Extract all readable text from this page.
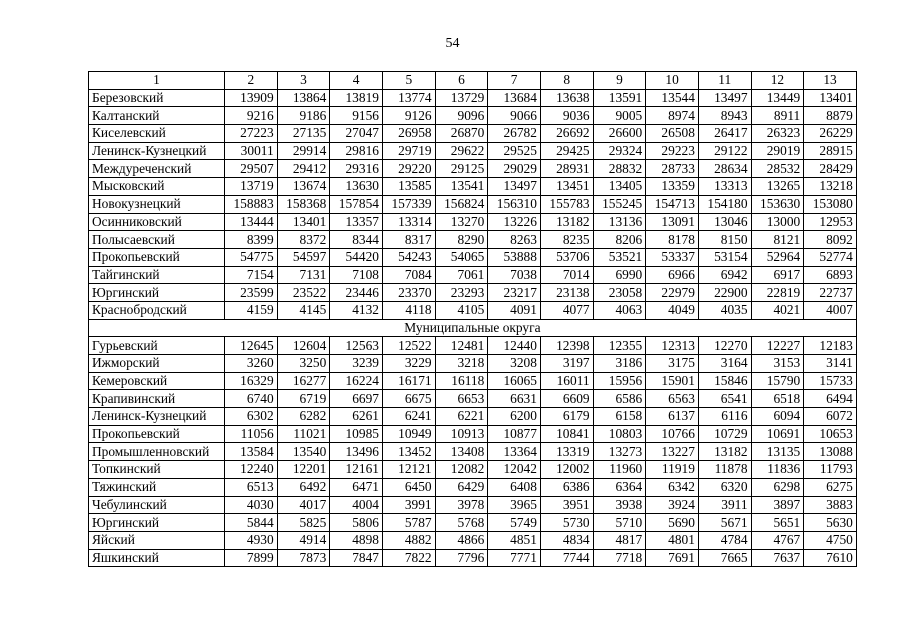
54
1	2	3	4	5	6	7	8	9	10	11	12	13
Березовский	13909	13864	13819	13774	13729	13684	13638	13591	13544	13497	13449	13401
Калтанский	9216	9186	9156	9126	9096	9066	9036	9005	8974	8943	8911	8879
Киселевский	27223	27135	27047	26958	26870	26782	26692	26600	26508	26417	26323	26229
Ленинск-Кузнецкий	30011	29914	29816	29719	29622	29525	29425	29324	29223	29122	29019	28915
Междуреченский	29507	29412	29316	29220	29125	29029	28931	28832	28733	28634	28532	28429
Мысковский	13719	13674	13630	13585	13541	13497	13451	13405	13359	13313	13265	13218
Новокузнецкий	158883	158368	157854	157339	156824	156310	155783	155245	154713	154180	153630	153080
Осинниковский	13444	13401	13357	13314	13270	13226	13182	13136	13091	13046	13000	12953
Полысаевский	8399	8372	8344	8317	8290	8263	8235	8206	8178	8150	8121	8092
Прокопьевский	54775	54597	54420	54243	54065	53888	53706	53521	53337	53154	52964	52774
Тайгинский	7154	7131	7108	7084	7061	7038	7014	6990	6966	6942	6917	6893
Юргинский	23599	23522	23446	23370	23293	23217	23138	23058	22979	22900	22819	22737
Краснобродский	4159	4145	4132	4118	4105	4091	4077	4063	4049	4035	4021	4007
Муниципальные округа												
Гурьевский	12645	12604	12563	12522	12481	12440	12398	12355	12313	12270	12227	12183
Ижморский	3260	3250	3239	3229	3218	3208	3197	3186	3175	3164	3153	3141
Кемеровский	16329	16277	16224	16171	16118	16065	16011	15956	15901	15846	15790	15733
Крапивинский	6740	6719	6697	6675	6653	6631	6609	6586	6563	6541	6518	6494
Ленинск-Кузнецкий	6302	6282	6261	6241	6221	6200	6179	6158	6137	6116	6094	6072
Прокопьевский	11056	11021	10985	10949	10913	10877	10841	10803	10766	10729	10691	10653
Промышленновский	13584	13540	13496	13452	13408	13364	13319	13273	13227	13182	13135	13088
Топкинский	12240	12201	12161	12121	12082	12042	12002	11960	11919	11878	11836	11793
Тяжинский	6513	6492	6471	6450	6429	6408	6386	6364	6342	6320	6298	6275
Чебулинский	4030	4017	4004	3991	3978	3965	3951	3938	3924	3911	3897	3883
Юргинский	5844	5825	5806	5787	5768	5749	5730	5710	5690	5671	5651	5630
Яйский	4930	4914	4898	4882	4866	4851	4834	4817	4801	4784	4767	4750
Яшкинский	7899	7873	7847	7822	7796	7771	7744	7718	7691	7665	7637	7610
